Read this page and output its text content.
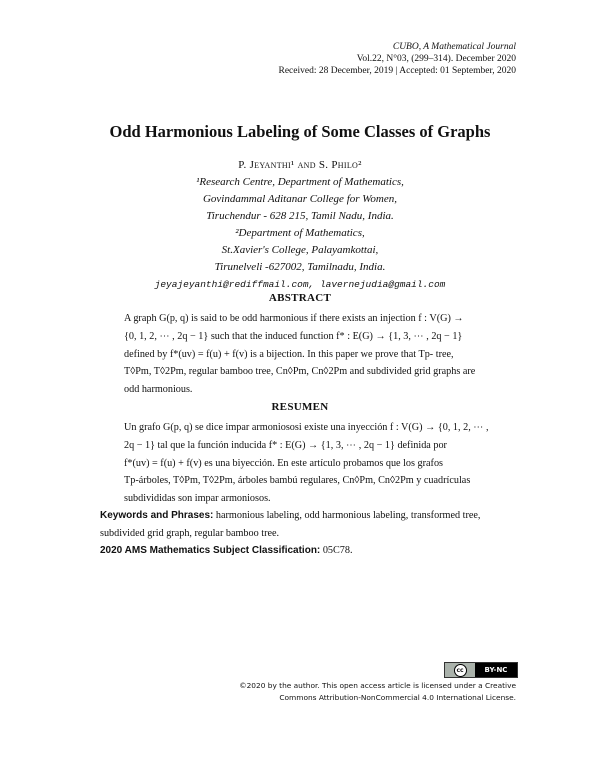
CUBO, A Mathematical Journal
Vol.22, N°03, (299–314). December 2020
Received: 28 December, 2019 | Accepted: 01 September, 2020
Odd Harmonious Labeling of Some Classes of Graphs
P. Jeyanthi¹ and S. Philo²
¹Research Centre, Department of Mathematics,
Govindammal Aditanar College for Women,
Tiruchendur - 628 215, Tamil Nadu, India.
²Department of Mathematics,
St.Xavier's College, Palayamkottai,
Tirunelveli -627002, Tamilnadu, India.
jeyajeyanthi@rediffmail.com, lavernejudia@gmail.com
ABSTRACT
A graph G(p, q) is said to be odd harmonious if there exists an injection f : V(G) →
{0, 1, 2, ⋯ , 2q − 1} such that the induced function f* : E(G) → {1, 3, ⋯ , 2q − 1}
defined by f*(uv) = f(u) + f(v) is a bijection. In this paper we prove that Tp- tree,
T◊Pm, T◊2Pm, regular bamboo tree, Cn◊Pm, Cn◊2Pm and subdivided grid graphs are
odd harmonious.
RESUMEN
Un grafo G(p, q) se dice impar armoniososi existe una inyección f : V(G) → {0, 1, 2, ⋯ ,
2q − 1} tal que la función inducida f* : E(G) → {1, 3, ⋯ , 2q − 1} definida por
f*(uv) = f(u) + f(v) es una biyección. En este artículo probamos que los grafos
Tp-árboles, T◊Pm, T◊2Pm, árboles bambú regulares, Cn◊Pm, Cn◊2Pm y cuadrículas
subdivididas son impar armoniosos.
Keywords and Phrases: harmonious labeling, odd harmonious labeling, transformed tree, subdivided grid graph, regular bamboo tree.
2020 AMS Mathematics Subject Classification: 05C78.
cc	BY-NC
©2020 by the author. This open access article is licensed under a Creative
Commons Attribution-NonCommercial 4.0 International License.
